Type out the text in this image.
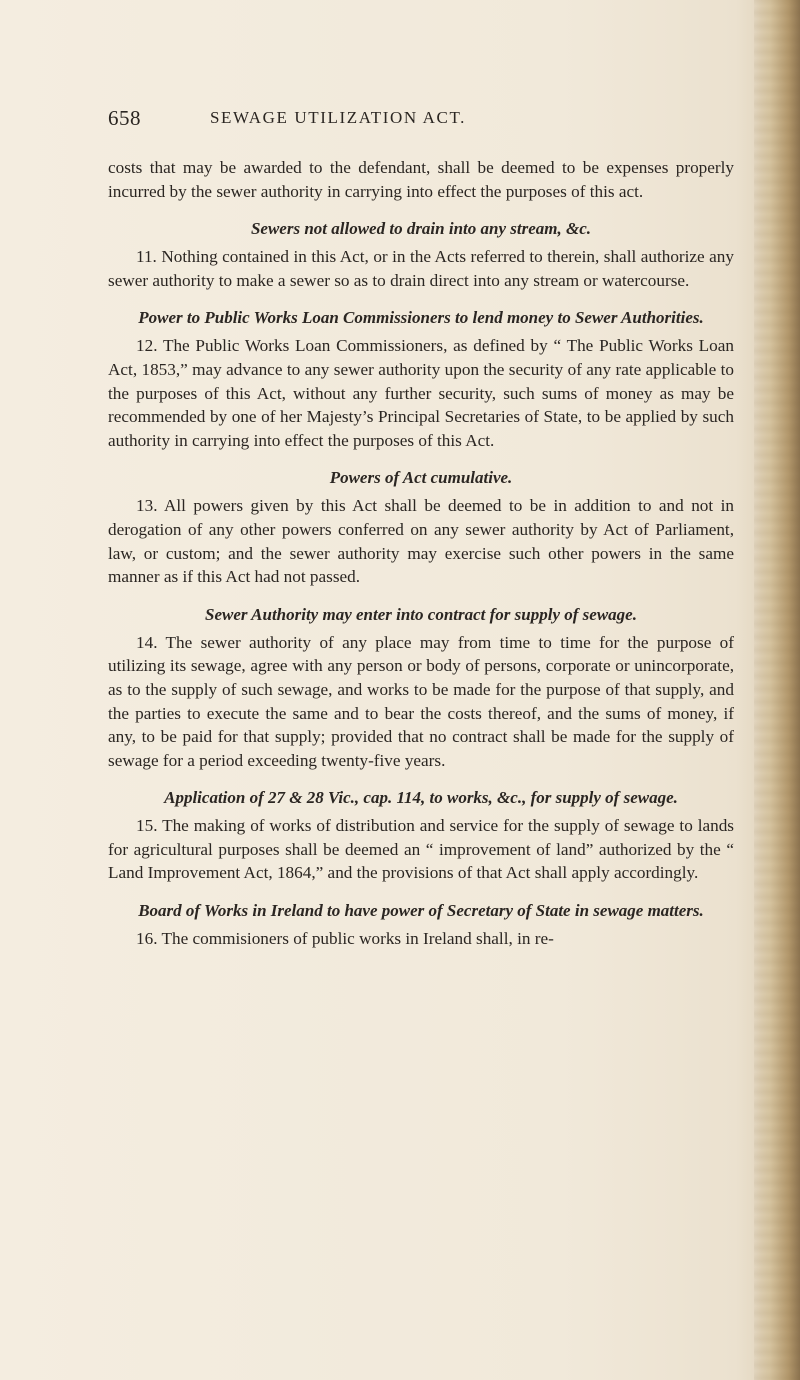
658	SEWAGE UTILIZATION ACT.

costs that may be awarded to the defendant, shall be deemed to be expenses properly incurred by the sewer authority in carrying into effect the purposes of this act.

Sewers not allowed to drain into any stream, &c.

11. Nothing contained in this Act, or in the Acts referred to therein, shall authorize any sewer authority to make a sewer so as to drain direct into any stream or watercourse.

Power to Public Works Loan Commissioners to lend money to Sewer Authorities.

12. The Public Works Loan Commissioners, as defined by “ The Public Works Loan Act, 1853,” may advance to any sewer authority upon the security of any rate applicable to the purposes of this Act, without any further security, such sums of money as may be recommended by one of her Majesty’s Principal Secretaries of State, to be applied by such authority in carrying into effect the purposes of this Act.

Powers of Act cumulative.

13. All powers given by this Act shall be deemed to be in addition to and not in derogation of any other powers conferred on any sewer authority by Act of Parliament, law, or custom; and the sewer authority may exercise such other powers in the same manner as if this Act had not passed.

Sewer Authority may enter into contract for supply of sewage.

14. The sewer authority of any place may from time to time for the purpose of utilizing its sewage, agree with any person or body of persons, corporate or unincorporate, as to the supply of such sewage, and works to be made for the purpose of that supply, and the parties to execute the same and to bear the costs thereof, and the sums of money, if any, to be paid for that supply; provided that no contract shall be made for the supply of sewage for a period exceeding twenty-five years.

Application of 27 & 28 Vic., cap. 114, to works, &c., for supply of sewage.

15. The making of works of distribution and service for the supply of sewage to lands for agricultural purposes shall be deemed an “ improvement of land” authorized by the “ Land Improvement Act, 1864,” and the provisions of that Act shall apply accordingly.

Board of Works in Ireland to have power of Secretary of State in sewage matters.

16. The commisioners of public works in Ireland shall, in re-
